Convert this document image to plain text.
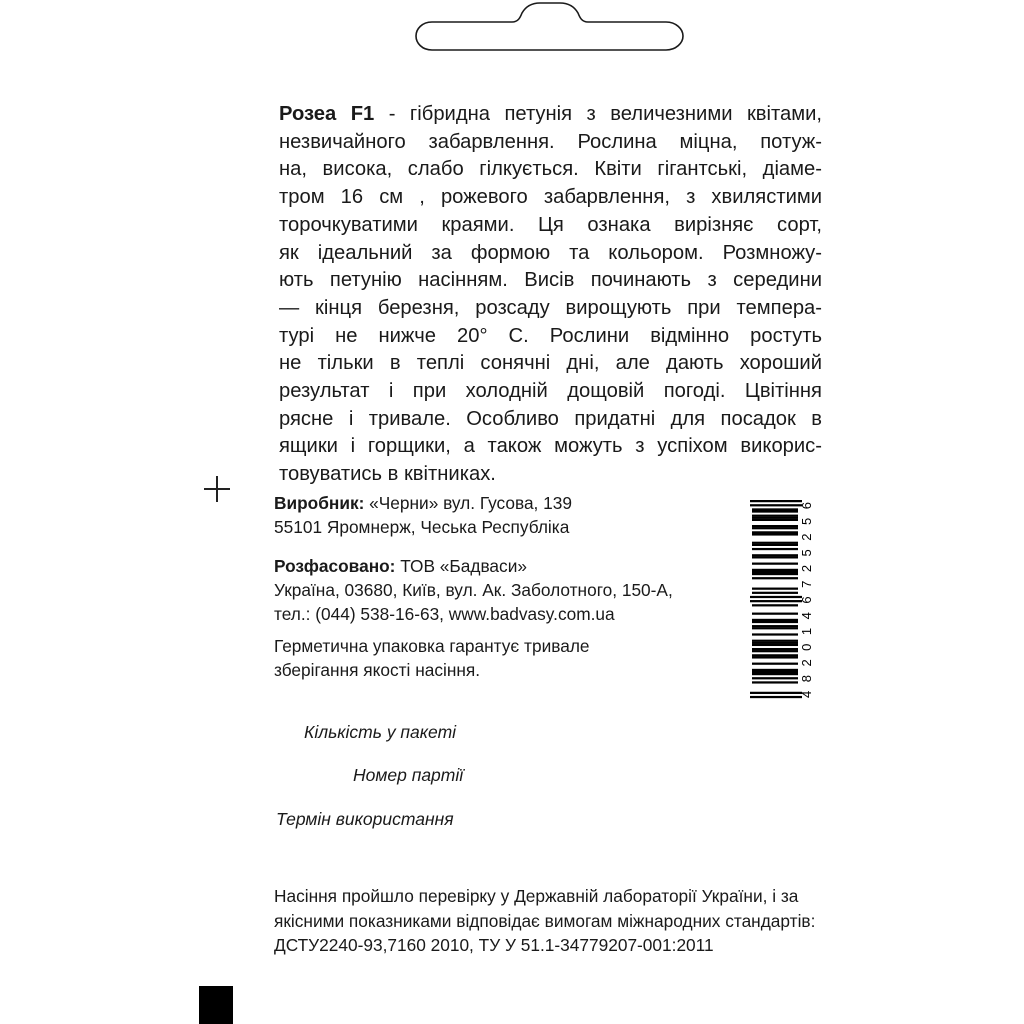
Розеа F1 - гібридна петунія з величезними квітами,
незвичайного забарвлення. Рослина міцна, потуж-
на, висока, слабо гілкується. Квіти гігантські, діаме-
тром 16 см , рожевого забарвлення, з хвилястими
торочкуватими краями. Ця ознака вирізняє сорт,
як ідеальний за формою та кольором. Розмножу-
ють петунію насінням. Висів починають з середини
— кінця березня, розсаду вирощують при темпера-
турі не нижче 20° С. Рослини відмінно ростуть
не тільки в теплі сонячні дні, але дають хороший
результат і при холодній дощовій погоді. Цвітіння
рясне і тривале. Особливо придатні для посадок в
ящики і горщики, а також можуть з успіхом викорис-
товуватись в квітниках.
Виробник: «Черни» вул. Гусова, 139
55101 Яромнерж, Чеська Республіка
Розфасовано: ТОВ «Бадваси»
Україна, 03680, Київ, вул. Ак. Заболотного, 150-А,
тел.: (044) 538-16-63, www.badvasy.com.ua
Герметична упаковка гарантує тривале
зберігання якості насіння.
Кількість у пакеті
Номер партії
Термін використання
Насіння пройшло перевірку у Державній лабораторії України, і за
якісними показниками відповідає вимогам міжнародних стандартів:
ДСТУ2240-93,7160 2010, ТУ У 51.1-34779207-001:2011
4820146725256
